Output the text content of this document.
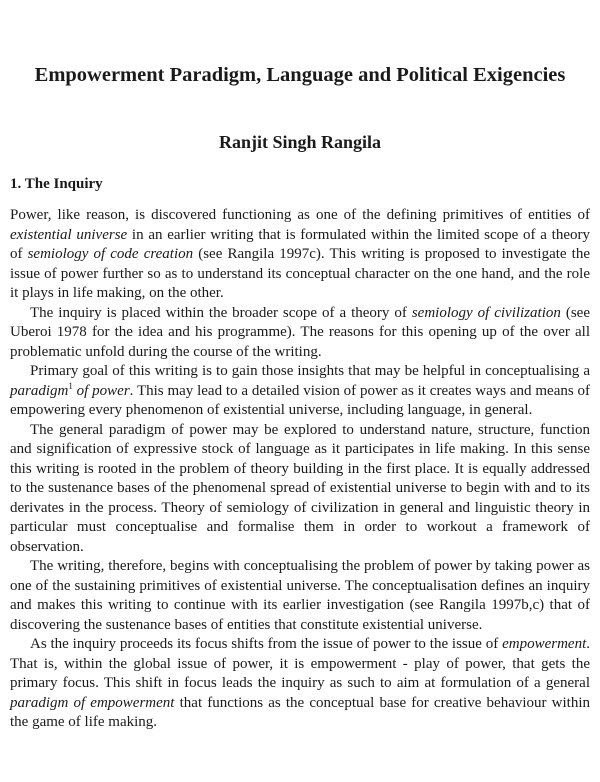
Empowerment Paradigm, Language and Political Exigencies
Ranjit Singh Rangila
1. The Inquiry

Power, like reason, is discovered functioning as one of the defining primitives of entities of existential universe in an earlier writing that is formulated within the limited scope of a theory of semiology of code creation (see Rangila 1997c). This writing is proposed to investigate the issue of power further so as to understand its conceptual character on the one hand, and the role it plays in life making, on the other.

The inquiry is placed within the broader scope of a theory of semiology of civilization (see Uberoi 1978 for the idea and his programme). The reasons for this opening up of the over all problematic unfold during the course of the writing.

Primary goal of this writing is to gain those insights that may be helpful in conceptualising a paradigm$^1$ of power. This may lead to a detailed vision of power as it creates ways and means of empowering every phenomenon of existential universe, including language, in general.

The general paradigm of power may be explored to understand nature, structure, function and signification of expressive stock of language as it participates in life making. In this sense this writing is rooted in the problem of theory building in the first place. It is equally addressed to the sustenance bases of the phenomenal spread of existential universe to begin with and to its derivates in the process. Theory of semiology of civilization in general and linguistic theory in particular must conceptualise and formalise them in order to workout a framework of observation.

The writing, therefore, begins with conceptualising the problem of power by taking power as one of the sustaining primitives of existential universe. The conceptualisation defines an inquiry and makes this writing to continue with its earlier investigation (see Rangila 1997b,c) that of discovering the sustenance bases of entities that constitute existential universe.

As the inquiry proceeds its focus shifts from the issue of power to the issue of empowerment. That is, within the global issue of power, it is empowerment - play of power, that gets the primary focus. This shift in focus leads the inquiry as such to aim at formulation of a general paradigm of empowerment that functions as the conceptual base for creative behaviour within the game of life making.
